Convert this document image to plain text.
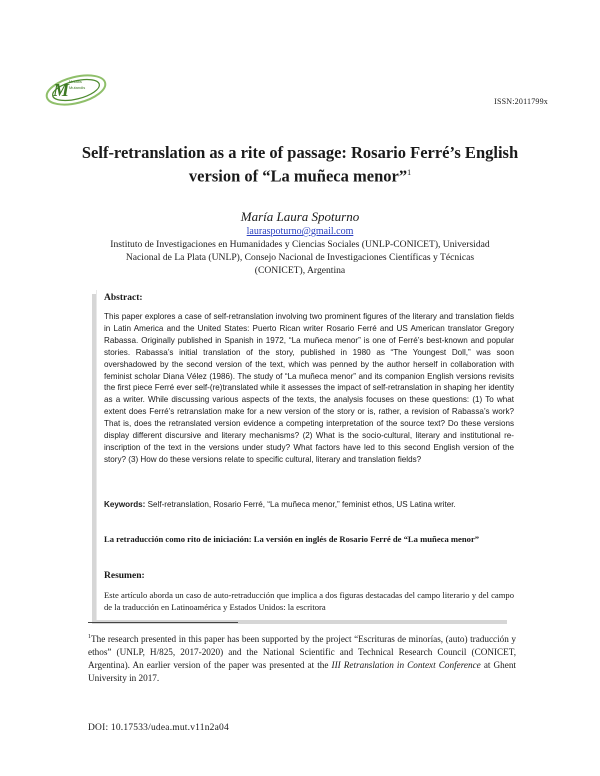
M Mutatis
Mutandis
ISSN:2011799x
Self-retranslation as a rite of passage: Rosario Ferré’s English
version of “La muñeca menor”$^1$
María Laura Spoturno
lauraspoturno@gmail.com
Instituto de Investigaciones en Humanidades y Ciencias Sociales (UNLP-CONICET), Universidad
Nacional de La Plata (UNLP), Consejo Nacional de Investigaciones Científicas y Técnicas
(CONICET), Argentina
Abstract:
This paper explores a case of self-retranslation involving two prominent figures of the literary and translation fields in Latin America and the United States: Puerto Rican writer Rosario Ferré and US American translator Gregory Rabassa. Originally published in Spanish in 1972, “La muñeca menor” is one of Ferré’s best-known and popular stories. Rabassa’s initial translation of the story, published in 1980 as “The Youngest Doll,” was soon overshadowed by the second version of the text, which was penned by the author herself in collaboration with feminist scholar Diana Vélez (1986). The study of “La muñeca menor” and its companion English versions revisits the first piece Ferré ever self-(re)translated while it assesses the impact of self-retranslation in shaping her identity as a writer. While discussing various aspects of the texts, the analysis focuses on these questions: (1) To what extent does Ferré’s retranslation make for a new version of the story or is, rather, a revision of Rabassa’s work? That is, does the retranslated version evidence a competing interpretation of the source text? Do these versions display different discursive and literary mechanisms? (2) What is the socio-cultural, literary and institutional re-inscription of the text in the versions under study? What factors have led to this second English version of the story? (3) How do these versions relate to specific cultural, literary and translation fields?
Keywords: Self-retranslation, Rosario Ferré, “La muñeca menor,” feminist ethos, US Latina writer.
La retraducción como rito de iniciación: La versión en inglés de Rosario Ferré de “La muñeca menor”
Resumen:
Este artículo aborda un caso de auto-retraducción que implica a dos figuras destacadas del campo literario y del campo de la traducción en Latinoamérica y Estados Unidos: la escritora
$^1$The research presented in this paper has been supported by the project “Escrituras de minorías, (auto) traducción y ethos” (UNLP, H/825, 2017-2020) and the National Scientific and Technical Research Council (CONICET, Argentina). An earlier version of the paper was presented at the III Retranslation in Context Conference at Ghent University in 2017.
DOI: 10.17533/udea.mut.v11n2a04
